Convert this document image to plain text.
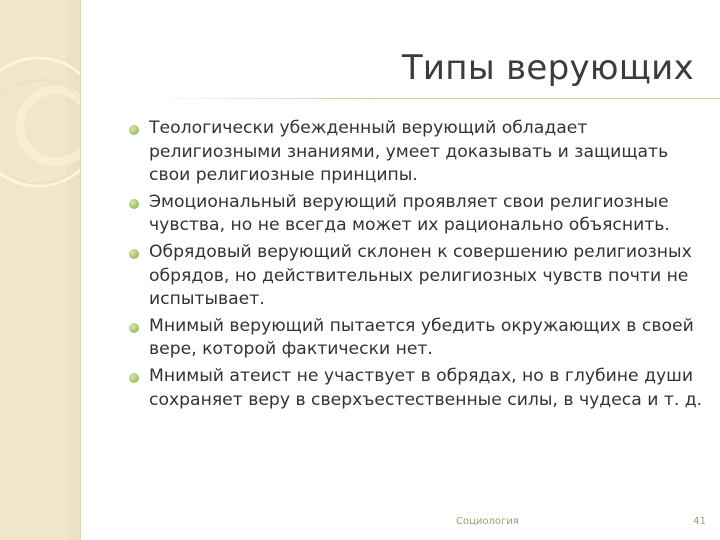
Типы верующих
Теологически убежденный верующий обладает религиозными знаниями, умеет доказывать и защищать свои религиозные принципы.
Эмоциональный верующий проявляет свои религиозные чувства, но не всегда может их рационально объяснить.
Обрядовый верующий склонен к совершению религиозных обрядов, но действительных религиозных чувств почти не испытывает.
Мнимый верующий пытается убедить окружающих в своей вере, которой фактически нет.
Мнимый атеист не участвует в обрядах, но в глубине души сохраняет веру в сверхъестественные силы, в чудеса и т. д.
Социология	41
